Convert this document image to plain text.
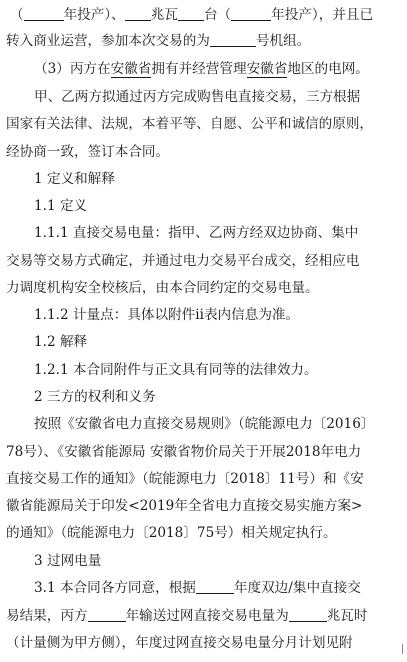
（	年投产）、 兆瓦 台（	年投产），并且已
转入商业运营，参加本次交易的为	号机组。
（3）丙方在安徽省拥有并经营管理安徽省地区的电网。
甲、乙两方拟通过丙方完成购售电直接交易，三方根据
国家有关法律、法规，本着平等、自愿、公平和诚信的原则，
经协商一致，签订本合同。
1 定义和解释
1.1 定义
1.1.1 直接交易电量：指甲、乙两方经双边协商、集中
交易等交易方式确定，并通过电力交易平台成交，经相应电
力调度机构安全校核后，由本合同约定的交易电量。
1.1.2 计量点：具体以附件ii表内信息为准。
1.2 解释
1.2.1 本合同附件与正文具有同等的法律效力。
2 三方的权利和义务
按照《安徽省电力直接交易规则》（皖能源电力〔2016〕
78号）、《安徽省能源局 安徽省物价局关于开展2018年电力
直接交易工作的通知》（皖能源电力〔2018〕11号）和《安
徽省能源局关于印发<2019年全省电力直接交易实施方案>
的通知》（皖能源电力〔2018〕75号）相关规定执行。
3 过网电量
3.1 本合同各方同意，根据	年度双边/集中直接交
易结果，丙方	年输送过网直接交易电量为	兆瓦时
（计量侧为甲方侧），年度过网直接交易电量分月计划见附
